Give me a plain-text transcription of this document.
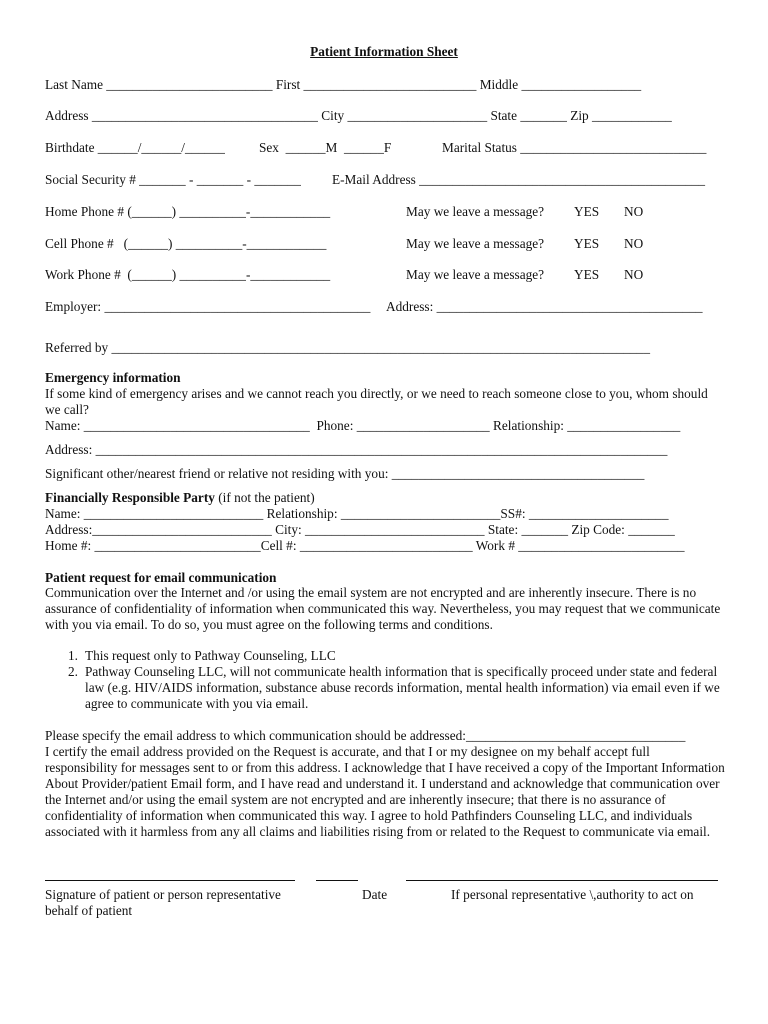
Patient Information Sheet
Last Name _________________________ First __________________________ Middle __________________
Address __________________________________ City _____________________ State _______ Zip ____________
Birthdate ______/______/______	Sex  ______M  ______F	Marital Status ____________________________
Social Security # _______ - _______ - _______ E-Mail Address ___________________________________________
Home Phone # (______) __________-____________	May we leave a message? YES NO
Cell Phone #   (______) __________-____________	May we leave a message? YES NO
Work Phone #  (______) __________-____________	May we leave a message? YES NO
Employer: ________________________________________ Address: ________________________________________
Referred by _________________________________________________________________________________
Emergency information
If some kind of emergency arises and we cannot reach you directly, or we need to reach someone close to you, whom should we call?
Name: __________________________________  Phone: ____________________ Relationship: _________________
Address: ______________________________________________________________________________________
Significant other/nearest friend or relative not residing with you: ______________________________________
Financially Responsible Party (if not the patient)
Name: ___________________________ Relationship: ________________________SS#: _____________________
Address:___________________________ City: ___________________________ State: _______ Zip Code: _______
Home #: _________________________Cell #: __________________________ Work # _________________________
Patient request for email communication
Communication over the Internet and /or using the email system are not encrypted and are inherently insecure. There is no assurance of confidentiality of information when communicated this way. Nevertheless, you may request that we communicate with you via email. To do so, you must agree on the following terms and conditions.
1. This request only to Pathway Counseling, LLC
2. Pathway Counseling LLC, will not communicate health information that is specifically proceed under state and federal law (e.g. HIV/AIDS information, substance abuse records information, mental health information) via email even if we agree to communicate with you via email.
Please specify the email address to which communication should be addressed:_________________________________
I certify the email address provided on the Request is accurate, and that I or my designee on my behalf accept full responsibility for messages sent to or from this address. I acknowledge that I have received a copy of the Important Information About Provider/patient Email form, and I have read and understand it. I understand and acknowledge that communication over the Internet and/or using the email system are not encrypted and are inherently insecure; that there is no assurance of confidentiality of information when communicated this way. I agree to hold Pathfinders Counseling LLC, and individuals associated with it harmless from any all claims and liabilities rising from or related to the Request to communicate via email.
Signature of patient or person representative
behalf of patient
Date	If personal representative \,authority to act on
